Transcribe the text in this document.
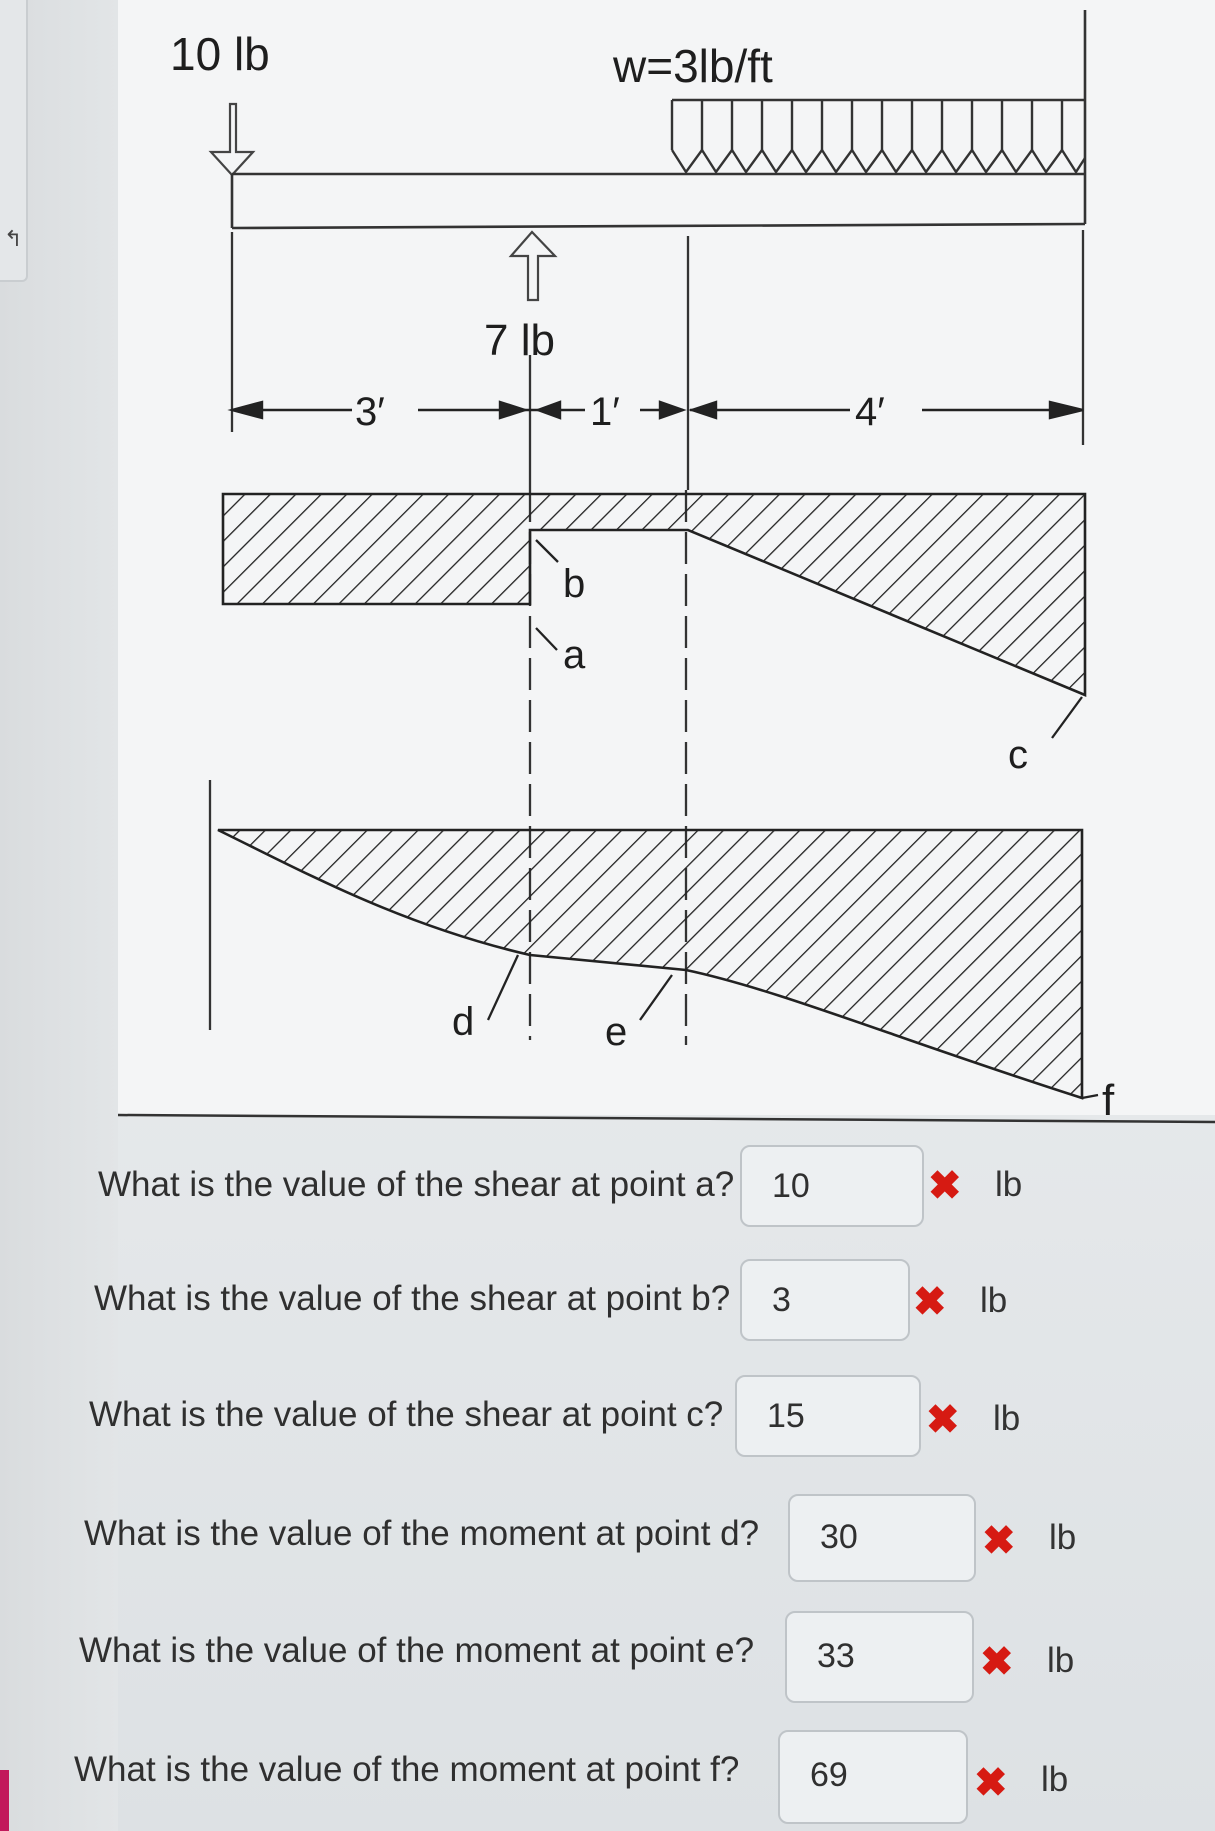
↰
10 lb	w=3lb/ft
7 lb
3′	1′	4′
b
a
c
d	e
f
What is the value of the shear at point a? 10	✖ lb
What is the value of the shear at point b? 3	✖ lb
What is the value of the shear at point c? 15	✖ lb
What is the value of the moment at point d? 30	✖ lb
What is the value of the moment at point e? 33	✖ lb
What is the value of the moment at point f? 69	✖ lb
